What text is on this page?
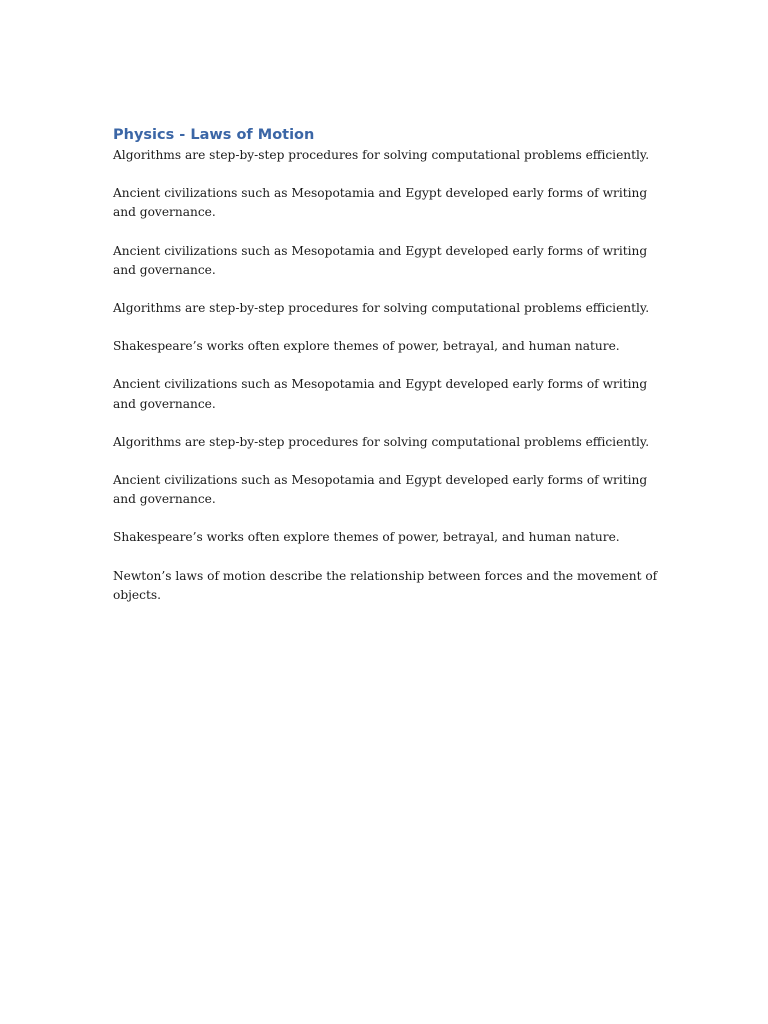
Physics - Laws of Motion

Algorithms are step-by-step procedures for solving computational problems efficiently.

Ancient civilizations such as Mesopotamia and Egypt developed early forms of writing and governance.

Ancient civilizations such as Mesopotamia and Egypt developed early forms of writing and governance.

Algorithms are step-by-step procedures for solving computational problems efficiently.

Shakespeare’s works often explore themes of power, betrayal, and human nature.

Ancient civilizations such as Mesopotamia and Egypt developed early forms of writing and governance.

Algorithms are step-by-step procedures for solving computational problems efficiently.

Ancient civilizations such as Mesopotamia and Egypt developed early forms of writing and governance.

Shakespeare’s works often explore themes of power, betrayal, and human nature.

Newton’s laws of motion describe the relationship between forces and the movement of objects.
